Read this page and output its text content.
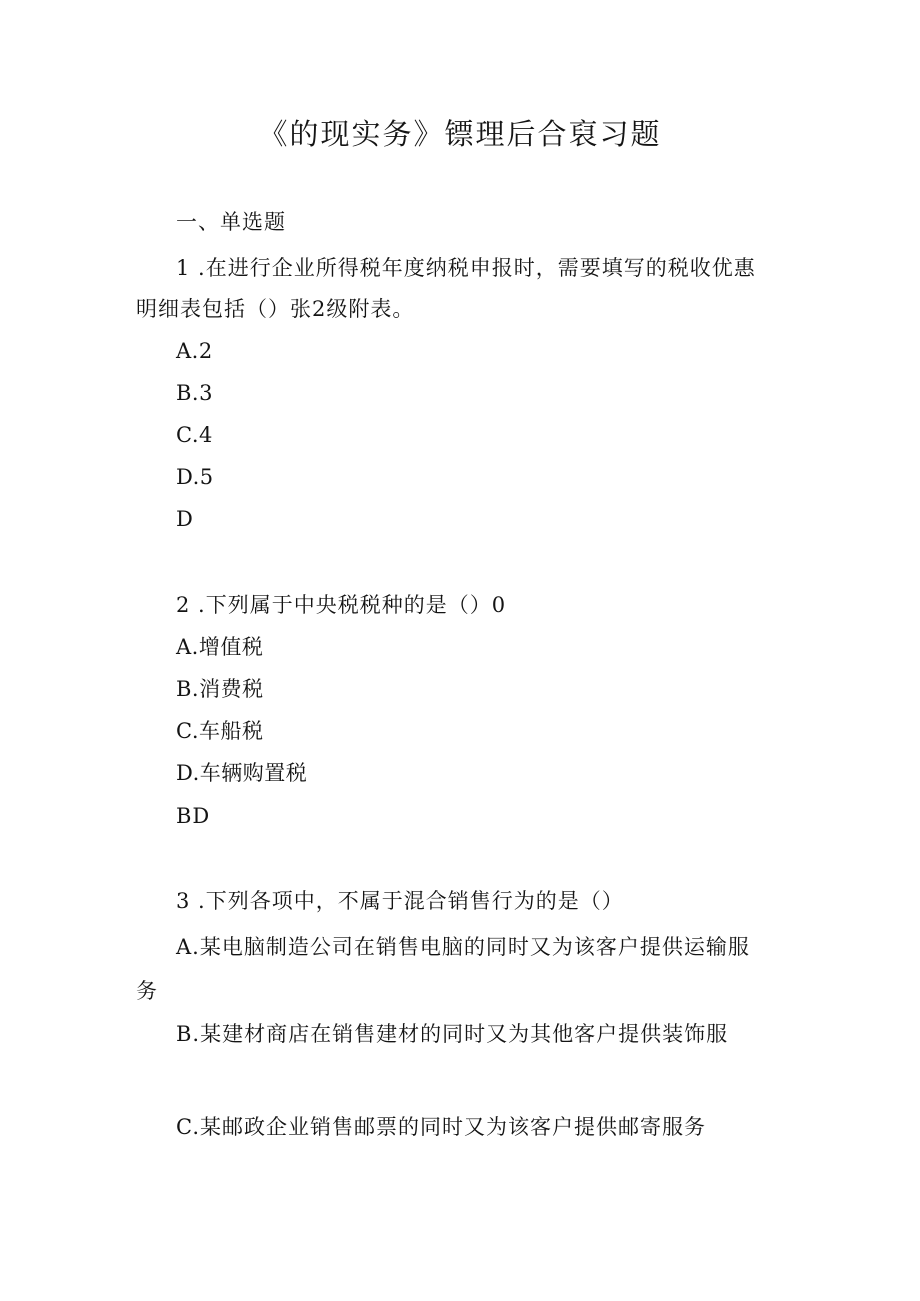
《的现实务》镖理后合裒习题
一、单选题
1 .在进行企业所得税年度纳税申报时，需要填写的税收优惠
明细表包括（）张2级附表。
A.2
B.3
C.4
D.5
D
2 .下列属于中央税税种的是（）0
A.增值税
B.消费税
C.车船税
D.车辆购置税
BD
3 .下列各项中，不属于混合销售行为的是（）
A.某电脑制造公司在销售电脑的同时又为该客户提供运输服
务
B.某建材商店在销售建材的同时又为其他客户提供装饰服
C.某邮政企业销售邮票的同时又为该客户提供邮寄服务
